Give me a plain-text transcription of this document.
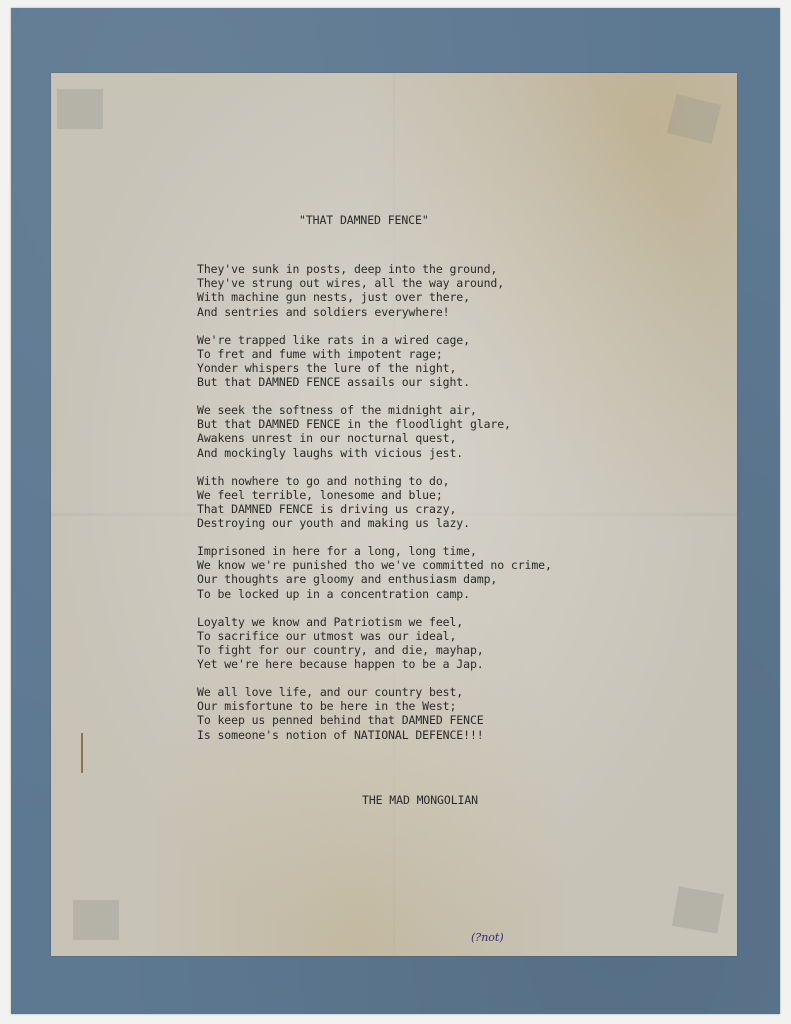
"THAT DAMNED FENCE"
They've sunk in posts, deep into the ground,
They've strung out wires, all the way around,
With machine gun nests, just over there,
And sentries and soldiers everywhere!
We're trapped like rats in a wired cage,
To fret and fume with impotent rage;
Yonder whispers the lure of the night,
But that DAMNED FENCE assails our sight.
We seek the softness of the midnight air,
But that DAMNED FENCE in the floodlight glare,
Awakens unrest in our nocturnal quest,
And mockingly laughs with vicious jest.
With nowhere to go and nothing to do,
We feel terrible, lonesome and blue;
That DAMNED FENCE is driving us crazy,
Destroying our youth and making us lazy.
Imprisoned in here for a long, long time,
We know we're punished tho we've committed no crime,
Our thoughts are gloomy and enthusiasm damp,
To be locked up in a concentration camp.
Loyalty we know and Patriotism we feel,
To sacrifice our utmost was our ideal,
To fight for our country, and die, mayhap,
Yet we're here because happen to be a Jap.
We all love life, and our country best,
Our misfortune to be here in the West;
To keep us penned behind that DAMNED FENCE
Is someone's notion of NATIONAL DEFENCE!!!
THE MAD MONGOLIAN
(?not)
